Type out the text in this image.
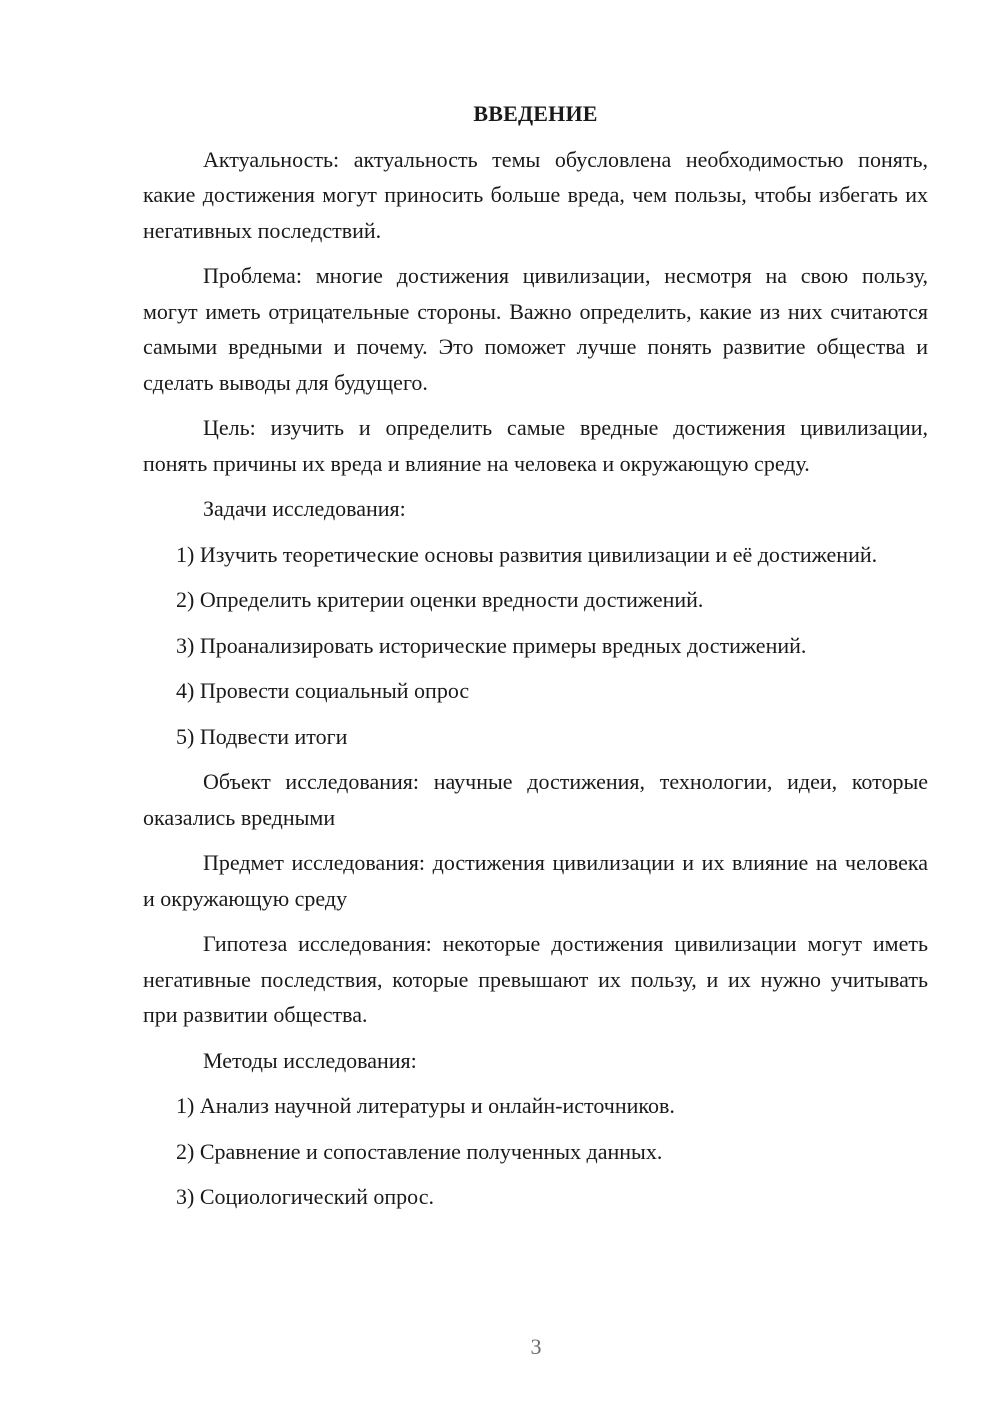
ВВЕДЕНИЕ

Актуальность: актуальность темы обусловлена необходимостью понять, какие достижения могут приносить больше вреда, чем пользы, чтобы избегать их негативных последствий.

Проблема: многие достижения цивилизации, несмотря на свою пользу, могут иметь отрицательные стороны. Важно определить, какие из них считаются самыми вредными и почему. Это поможет лучше понять развитие общества и сделать выводы для будущего.

Цель: изучить и определить самые вредные достижения цивилизации, понять причины их вреда и влияние на человека и окружающую среду.

Задачи исследования:

1) Изучить теоретические основы развития цивилизации и её достижений.

2) Определить критерии оценки вредности достижений.

3) Проанализировать исторические примеры вредных достижений.

4) Провести социальный опрос

5) Подвести итоги

Объект исследования: научные достижения, технологии, идеи, которые оказались вредными

Предмет исследования: достижения цивилизации и их влияние на человека и окружающую среду

Гипотеза исследования: некоторые достижения цивилизации могут иметь негативные последствия, которые превышают их пользу, и их нужно учитывать при развитии общества.

Методы исследования:

1) Анализ научной литературы и онлайн-источников.

2) Сравнение и сопоставление полученных данных.

3) Социологический опрос.

3
